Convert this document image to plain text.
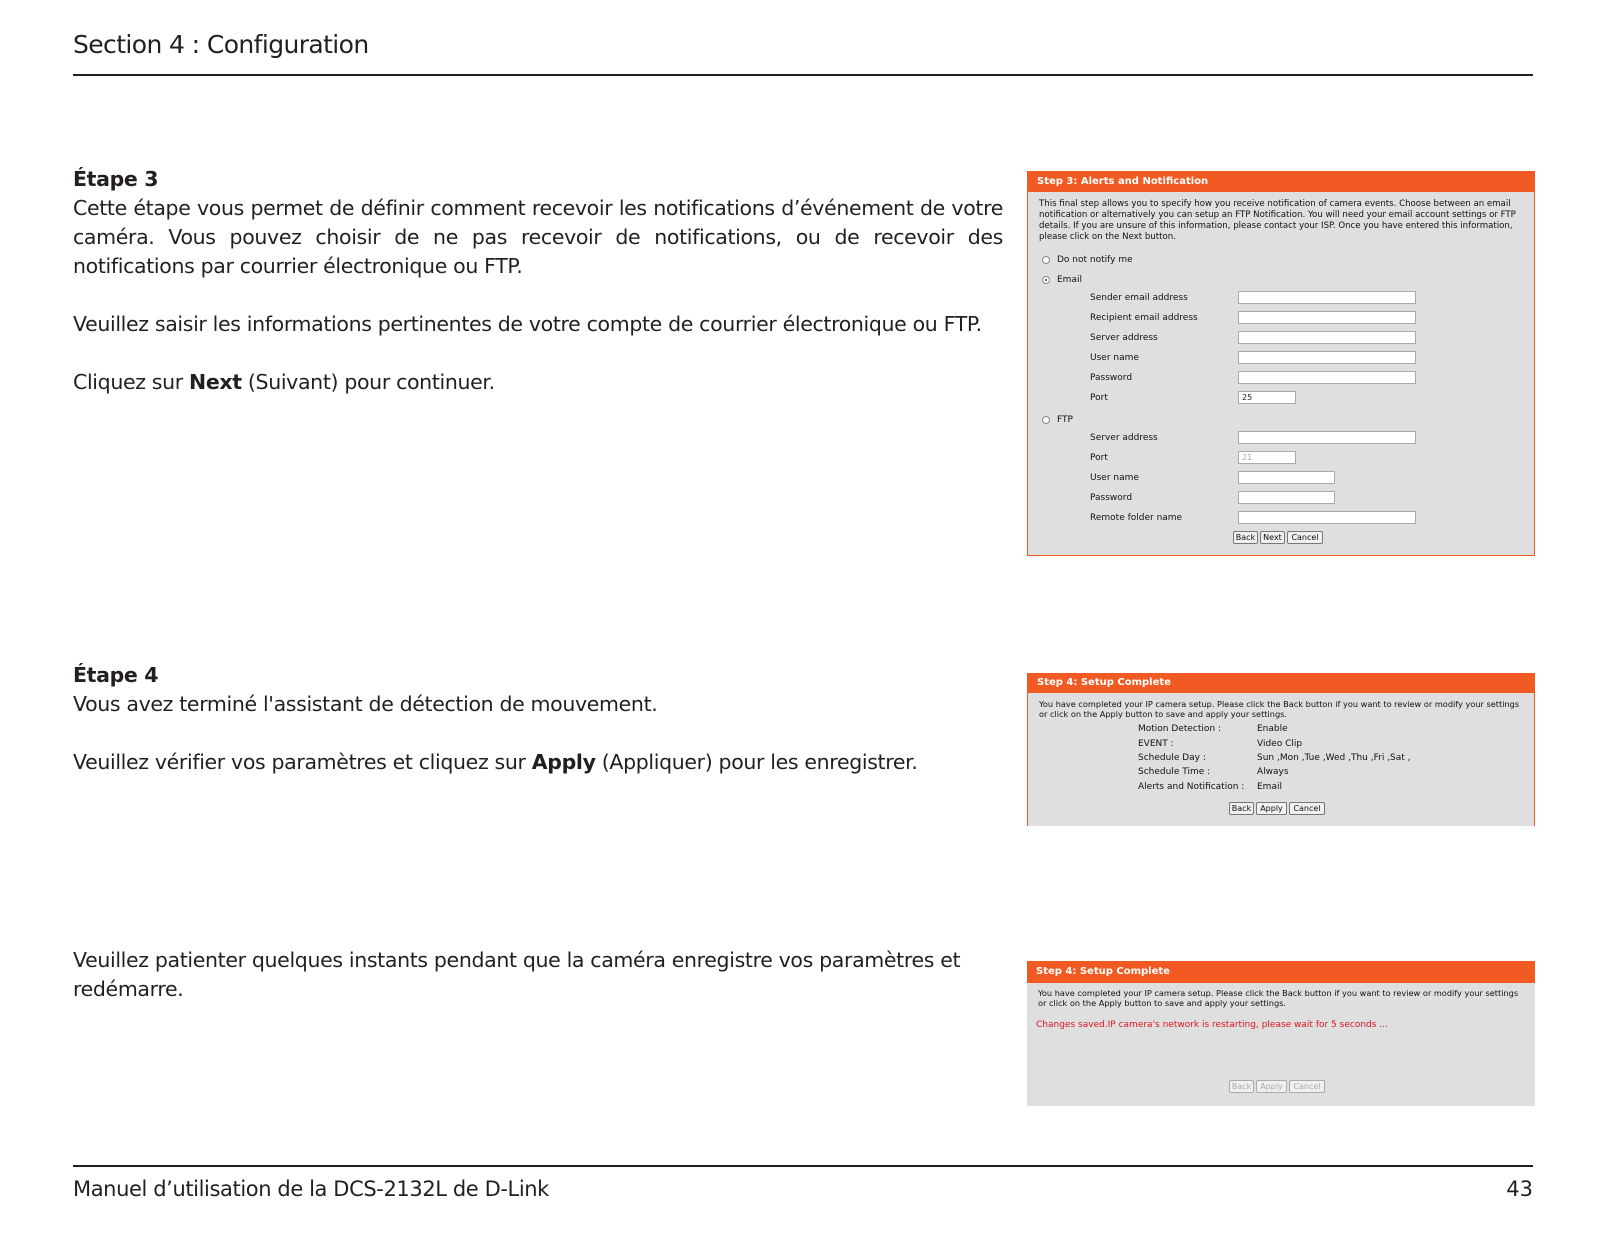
Section 4 : Configuration
Étape 3

Cette étape vous permet de définir comment recevoir les notifications d’événement de votre caméra. Vous pouvez choisir de ne pas recevoir de notifications, ou de recevoir des notifications par courrier électronique ou FTP.

Veuillez saisir les informations pertinentes de votre compte de courrier électronique ou FTP.

Cliquez sur Next (Suivant) pour continuer.

Étape 4

Vous avez terminé l'assistant de détection de mouvement.

Veuillez vérifier vos paramètres et cliquez sur Apply (Appliquer) pour les enregistrer.

Veuillez patienter quelques instants pendant que la caméra enregistre vos paramètres et redémarre.

Step 3: Alerts and Notification
This final step allows you to specify how you receive notification of camera events. Choose between an email notification or alternatively you can setup an FTP Notification. You will need your email account settings or FTP details. If you are unsure of this information, please contact your ISP. Once you have entered this information, please click on the Next button.
Do not notify me
Email
Sender email address
Recipient email address
Server address
User name
Password
Port	25
FTP
Server address
Port	21
User name
Password
Remote folder name
Back Next	Cancel
Step 4: Setup Complete
You have completed your IP camera setup. Please click the Back button if you want to review or modify your settings or click on the Apply button to save and apply your settings.
Motion Detection :	Enable
EVENT :	Video Clip
Schedule Day :	Sun ,Mon ,Tue ,Wed ,Thu ,Fri ,Sat ,
Schedule Time :	Always
Alerts and Notification : Email
Back	Apply	Cancel
Step 4: Setup Complete
You have completed your IP camera setup. Please click the Back button if you want to review or modify your settings or click on the Apply button to save and apply your settings.
Changes saved.IP camera's network is restarting, please wait for 5 seconds ...
Back	Apply	Cancel
Manuel d’utilisation de la DCS-2132L de D-Link	43
